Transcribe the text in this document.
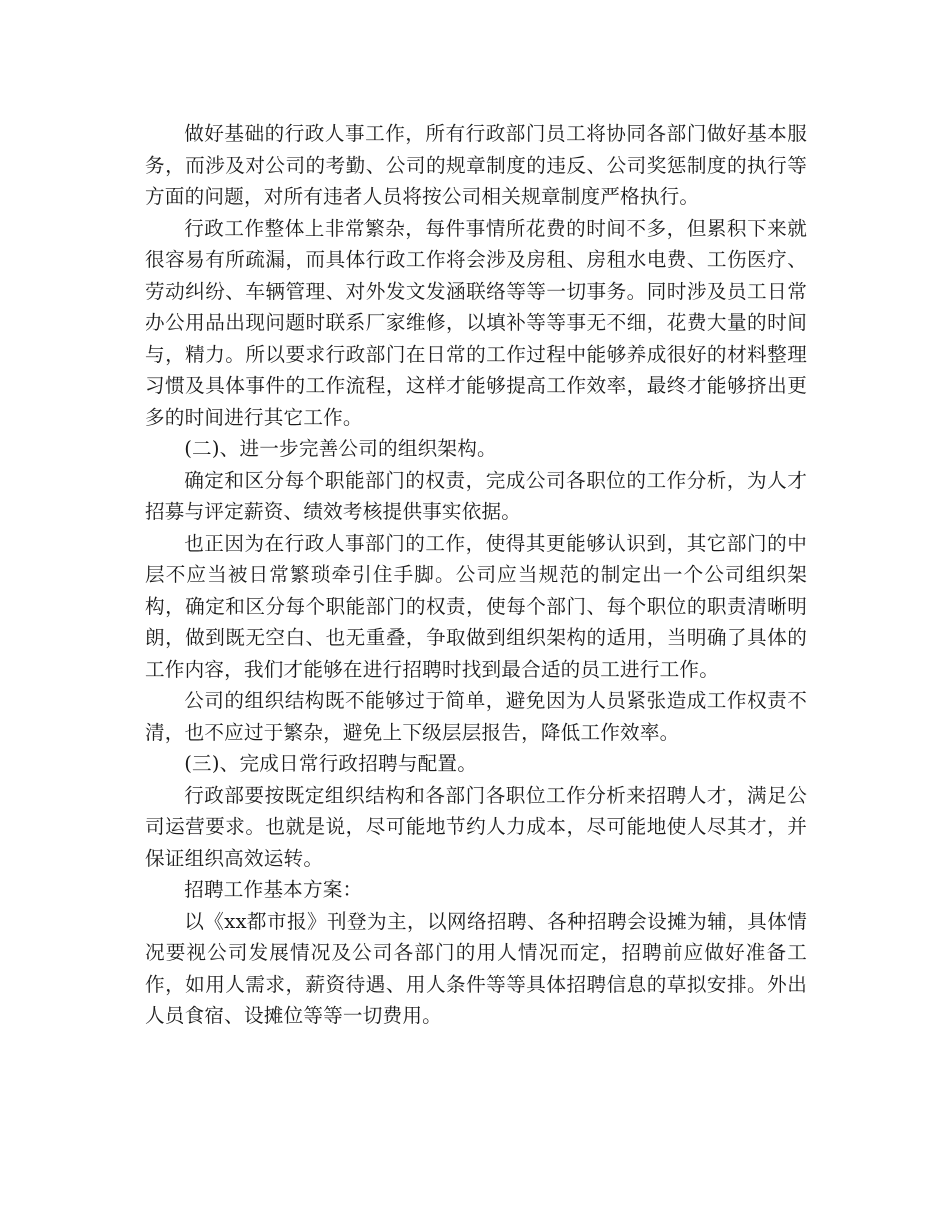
做好基础的行政人事工作，所有行政部门员工将协同各部门做好基本服务，而涉及对公司的考勤、公司的规章制度的违反、公司奖惩制度的执行等方面的问题，对所有违者人员将按公司相关规章制度严格执行。

行政工作整体上非常繁杂，每件事情所花费的时间不多，但累积下来就很容易有所疏漏，而具体行政工作将会涉及房租、房租水电费、工伤医疗、劳动纠纷、车辆管理、对外发文发涵联络等等一切事务。同时涉及员工日常办公用品出现问题时联系厂家维修，以填补等等事无不细，花费大量的时间与，精力。所以要求行政部门在日常的工作过程中能够养成很好的材料整理习惯及具体事件的工作流程，这样才能够提高工作效率，最终才能够挤出更多的时间进行其它工作。

(二)、进一步完善公司的组织架构。

确定和区分每个职能部门的权责，完成公司各职位的工作分析，为人才招募与评定薪资、绩效考核提供事实依据。

也正因为在行政人事部门的工作，使得其更能够认识到，其它部门的中层不应当被日常繁琐牵引住手脚。公司应当规范的制定出一个公司组织架构，确定和区分每个职能部门的权责，使每个部门、每个职位的职责清晰明朗，做到既无空白、也无重叠，争取做到组织架构的适用，当明确了具体的工作内容，我们才能够在进行招聘时找到最合适的员工进行工作。

公司的组织结构既不能够过于简单，避免因为人员紧张造成工作权责不清，也不应过于繁杂，避免上下级层层报告，降低工作效率。

(三)、完成日常行政招聘与配置。

行政部要按既定组织结构和各部门各职位工作分析来招聘人才，满足公司运营要求。也就是说，尽可能地节约人力成本，尽可能地使人尽其才，并保证组织高效运转。

招聘工作基本方案：

以《xx都市报》刊登为主，以网络招聘、各种招聘会设摊为辅，具体情况要视公司发展情况及公司各部门的用人情况而定，招聘前应做好准备工作，如用人需求，薪资待遇、用人条件等等具体招聘信息的草拟安排。外出人员食宿、设摊位等等一切费用。
